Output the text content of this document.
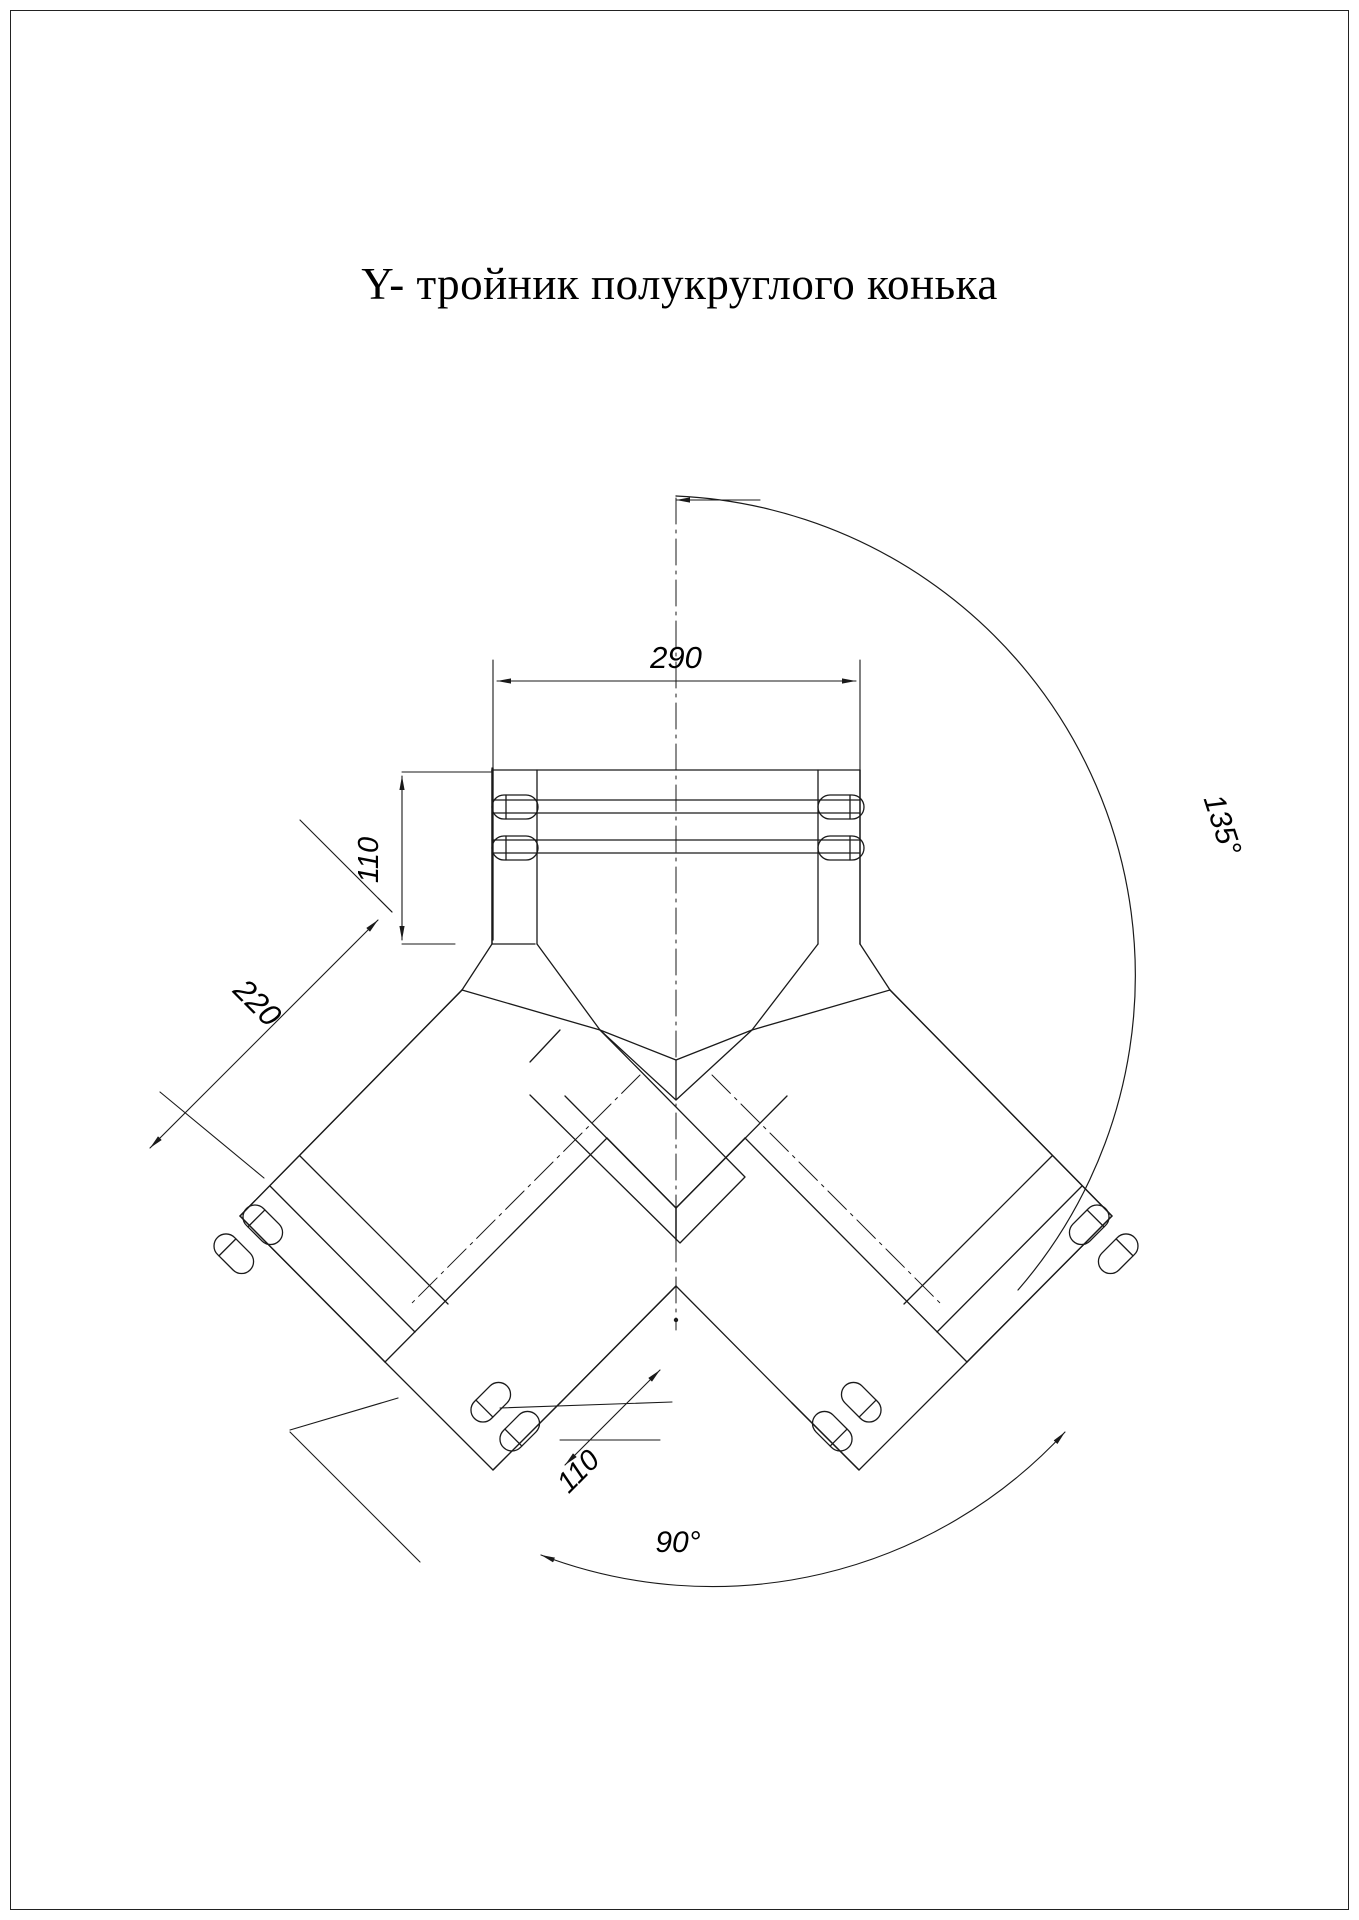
Y- тройник полукруглого конька
290
110
220
110
135°
90°
